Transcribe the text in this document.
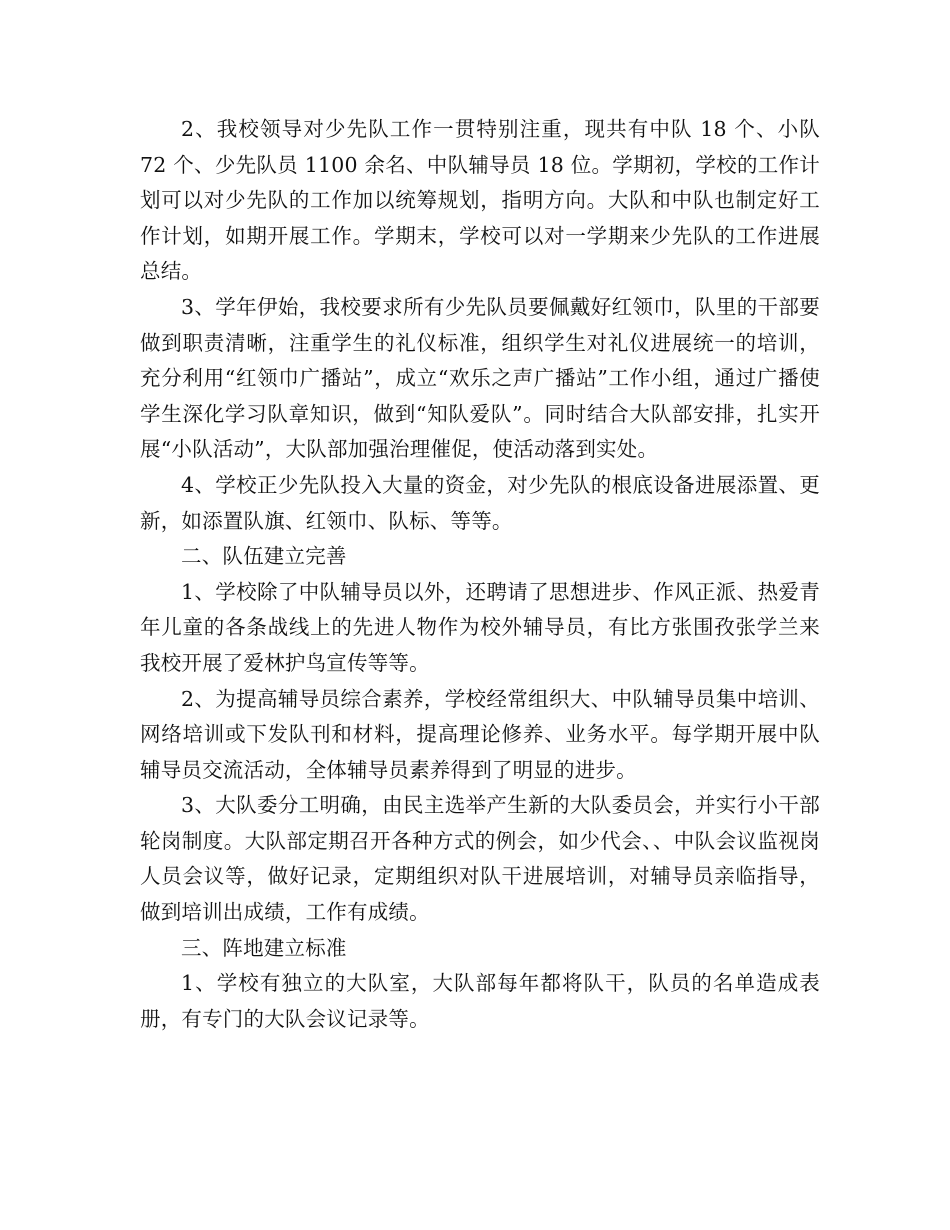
2、我校领导对少先队工作一贯特别注重，现共有中队 18 个、小队 72 个、少先队员 1100 余名、中队辅导员 18 位。学期初，学校的工作计划可以对少先队的工作加以统筹规划，指明方向。大队和中队也制定好工作计划，如期开展工作。学期末，学校可以对一学期来少先队的工作进展总结。

3、学年伊始，我校要求所有少先队员要佩戴好红领巾，队里的干部要做到职责清晰，注重学生的礼仪标准，组织学生对礼仪进展统一的培训，充分利用“红领巾广播站”，成立“欢乐之声广播站”工作小组，通过广播使学生深化学习队章知识，做到“知队爱队”。同时结合大队部安排，扎实开展“小队活动”，大队部加强治理催促，使活动落到实处。

4、学校正少先队投入大量的资金，对少先队的根底设备进展添置、更新，如添置队旗、红领巾、队标、等等。

二、队伍建立完善

1、学校除了中队辅导员以外，还聘请了思想进步、作风正派、热爱青年儿童的各条战线上的先进人物作为校外辅导员，有比方张围孜张学兰来我校开展了爱林护鸟宣传等等。

2、为提高辅导员综合素养，学校经常组织大、中队辅导员集中培训、网络培训或下发队刊和材料，提高理论修养、业务水平。每学期开展中队辅导员交流活动，全体辅导员素养得到了明显的进步。

3、大队委分工明确，由民主选举产生新的大队委员会，并实行小干部轮岗制度。大队部定期召开各种方式的例会，如少代会、、中队会议监视岗人员会议等，做好记录，定期组织对队干进展培训，对辅导员亲临指导，做到培训出成绩，工作有成绩。

三、阵地建立标准

1、学校有独立的大队室，大队部每年都将队干，队员的名单造成表册，有专门的大队会议记录等。
